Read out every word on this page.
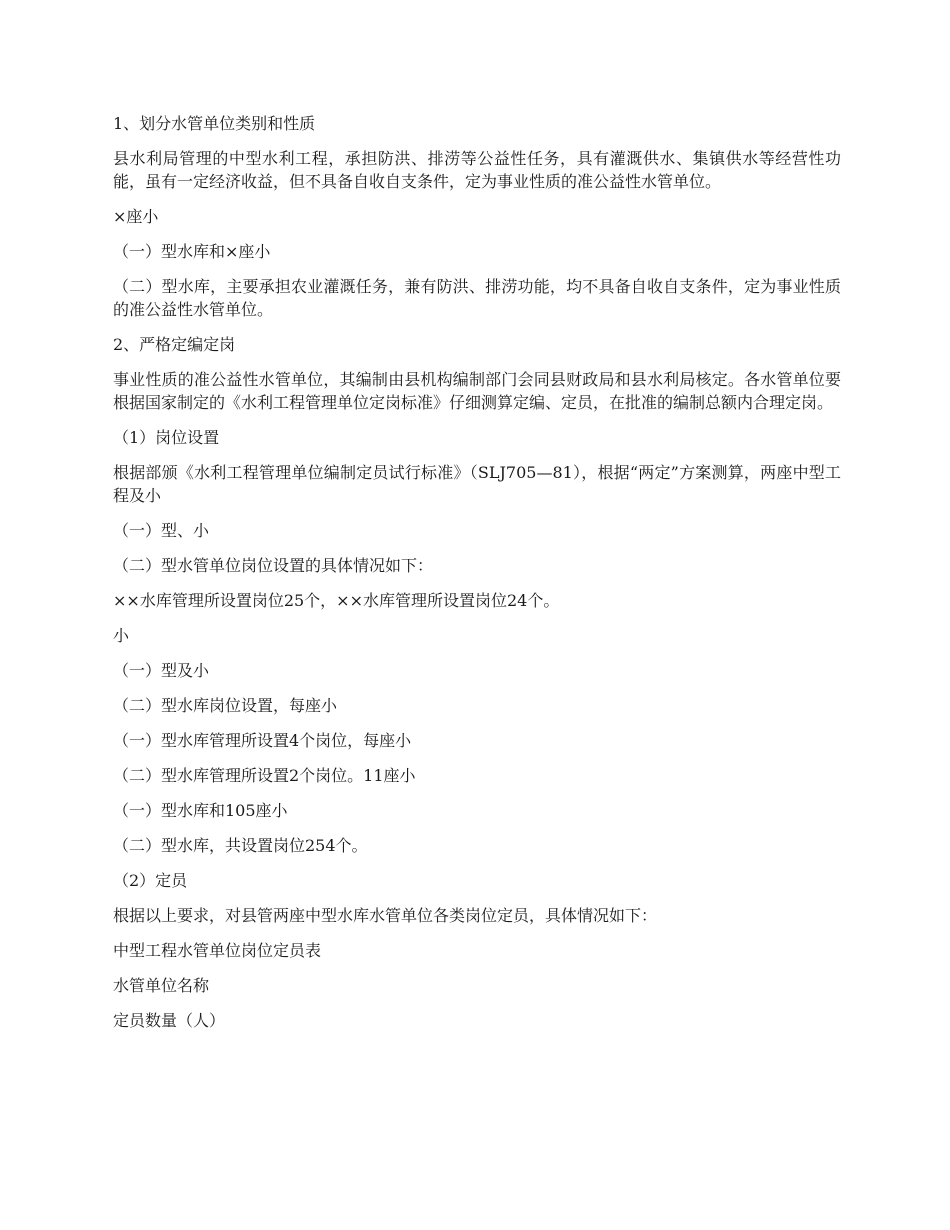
1、划分水管单位类别和性质

县水利局管理的中型水利工程，承担防洪、排涝等公益性任务，具有灌溉供水、集镇供水等经营性功能，虽有一定经济收益，但不具备自收自支条件，定为事业性质的准公益性水管单位。

×座小

（一）型水库和×座小

（二）型水库，主要承担农业灌溉任务，兼有防洪、排涝功能，均不具备自收自支条件，定为事业性质的准公益性水管单位。

2、严格定编定岗

事业性质的准公益性水管单位，其编制由县机构编制部门会同县财政局和县水利局核定。各水管单位要根据国家制定的《水利工程管理单位定岗标准》仔细测算定编、定员，在批准的编制总额内合理定岗。

（1）岗位设置

根据部颁《水利工程管理单位编制定员试行标准》（SLJ705—81），根据“两定”方案测算，两座中型工程及小

（一）型、小

（二）型水管单位岗位设置的具体情况如下：

××水库管理所设置岗位25个，××水库管理所设置岗位24个。

小

（一）型及小

（二）型水库岗位设置，每座小

（一）型水库管理所设置4个岗位，每座小

（二）型水库管理所设置2个岗位。11座小

（一）型水库和105座小

（二）型水库，共设置岗位254个。

（2）定员

根据以上要求，对县管两座中型水库水管单位各类岗位定员，具体情况如下：

中型工程水管单位岗位定员表

水管单位名称

定员数量（人）
